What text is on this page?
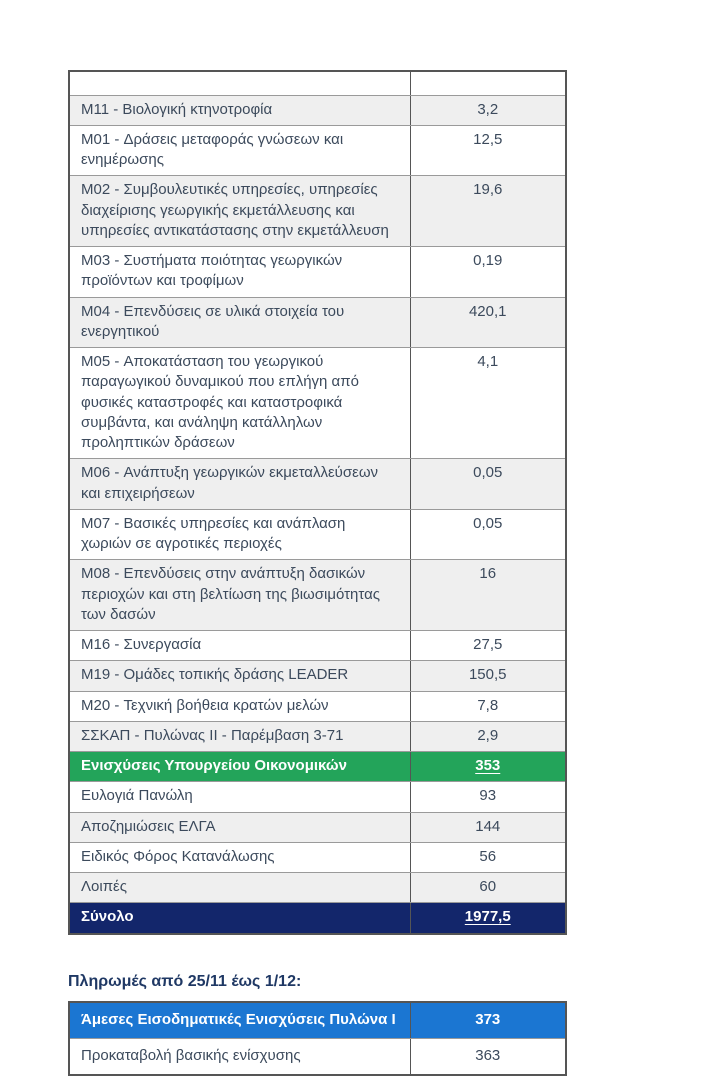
M11 - Βιολογική κτηνοτροφία	3,2
M01 - Δράσεις μεταφοράς γνώσεων και ενημέρωσης	12,5
M02 - Συμβουλευτικές υπηρεσίες, υπηρεσίες διαχείρισης γεωργικής εκμετάλλευσης και υπηρεσίες αντικατάστασης στην εκμετάλλευση	19,6
M03 - Συστήματα ποιότητας γεωργικών προϊόντων και τροφίμων	0,19
M04 - Επενδύσεις σε υλικά στοιχεία του ενεργητικού	420,1
M05 - Αποκατάσταση του γεωργικού παραγωγικού δυναμικού που επλήγη από φυσικές καταστροφές και καταστροφικά συμβάντα, και ανάληψη κατάλληλων προληπτικών δράσεων	4,1
M06 - Ανάπτυξη γεωργικών εκμεταλλεύσεων και επιχειρήσεων	0,05
M07 - Βασικές υπηρεσίες και ανάπλαση χωριών σε αγροτικές περιοχές	0,05
M08 - Επενδύσεις στην ανάπτυξη δασικών περιοχών και στη βελτίωση της βιωσιμότητας των δασών	16
M16 - Συνεργασία	27,5
M19 - Ομάδες τοπικής δράσης LEADER	150,5
M20 - Τεχνική βοήθεια κρατών μελών	7,8
ΣΣΚΑΠ - Πυλώνας II - Παρέμβαση 3-71	2,9
Ενισχύσεις Υπουργείου Οικονομικών	353
Ευλογιά Πανώλη	93
Αποζημιώσεις ΕΛΓΑ	144
Ειδικός Φόρος Κατανάλωσης	56
Λοιπές	60
Σύνολο	1977,5
Πληρωμές από 25/11 έως 1/12:
Άμεσες Εισοδηματικές Ενισχύσεις Πυλώνα I	373
Προκαταβολή βασικής ενίσχυσης	363
